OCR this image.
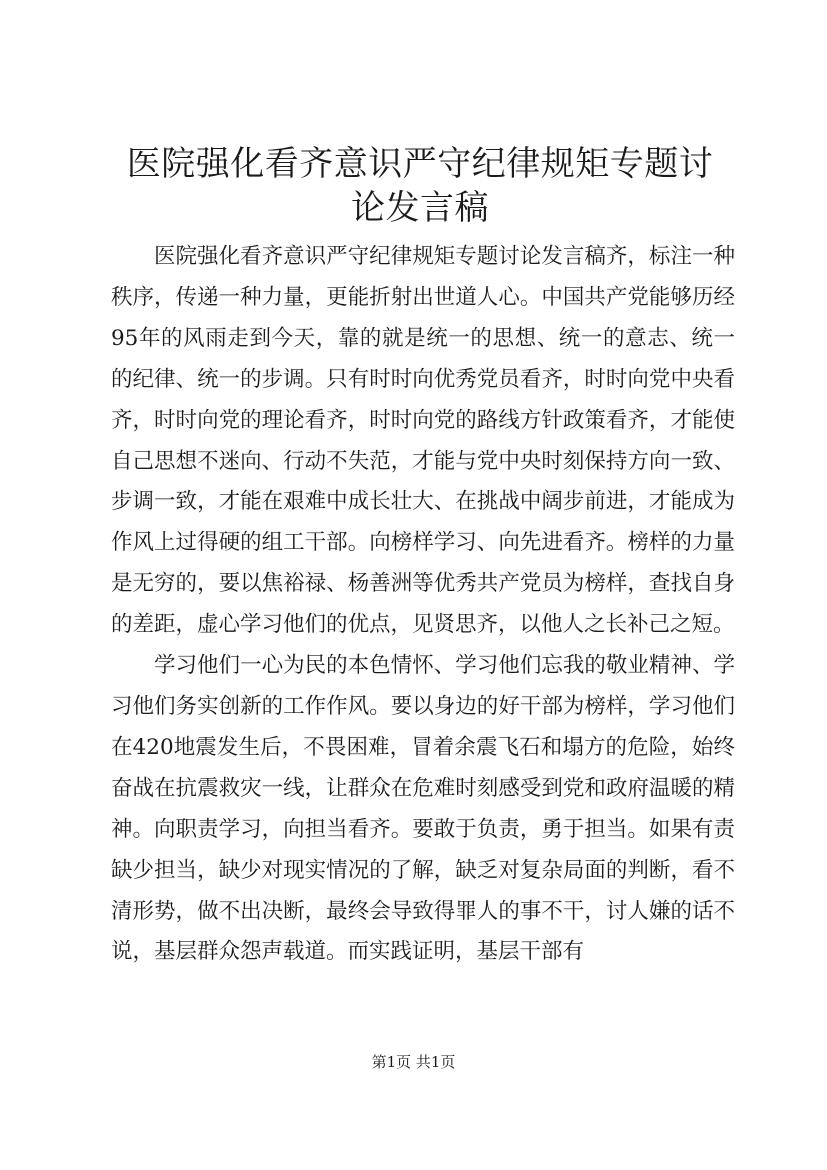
医院强化看齐意识严守纪律规矩专题讨论发言稿

医院强化看齐意识严守纪律规矩专题讨论发言稿齐，标注一种秩序，传递一种力量，更能折射出世道人心。中国共产党能够历经95年的风雨走到今天，靠的就是统一的思想、统一的意志、统一的纪律、统一的步调。只有时时向优秀党员看齐，时时向党中央看齐，时时向党的理论看齐，时时向党的路线方针政策看齐，才能使自己思想不迷向、行动不失范，才能与党中央时刻保持方向一致、步调一致，才能在艰难中成长壮大、在挑战中阔步前进，才能成为作风上过得硬的组工干部。向榜样学习、向先进看齐。榜样的力量是无穷的，要以焦裕禄、杨善洲等优秀共产党员为榜样，查找自身的差距，虚心学习他们的优点，见贤思齐，以他人之长补己之短。

学习他们一心为民的本色情怀、学习他们忘我的敬业精神、学习他们务实创新的工作作风。要以身边的好干部为榜样，学习他们在420地震发生后，不畏困难，冒着余震飞石和塌方的危险，始终奋战在抗震救灾一线，让群众在危难时刻感受到党和政府温暖的精神。向职责学习，向担当看齐。要敢于负责，勇于担当。如果有责缺少担当，缺少对现实情况的了解，缺乏对复杂局面的判断，看不清形势，做不出决断，最终会导致得罪人的事不干，讨人嫌的话不说，基层群众怨声载道。而实践证明，基层干部有

第1页 共1页
